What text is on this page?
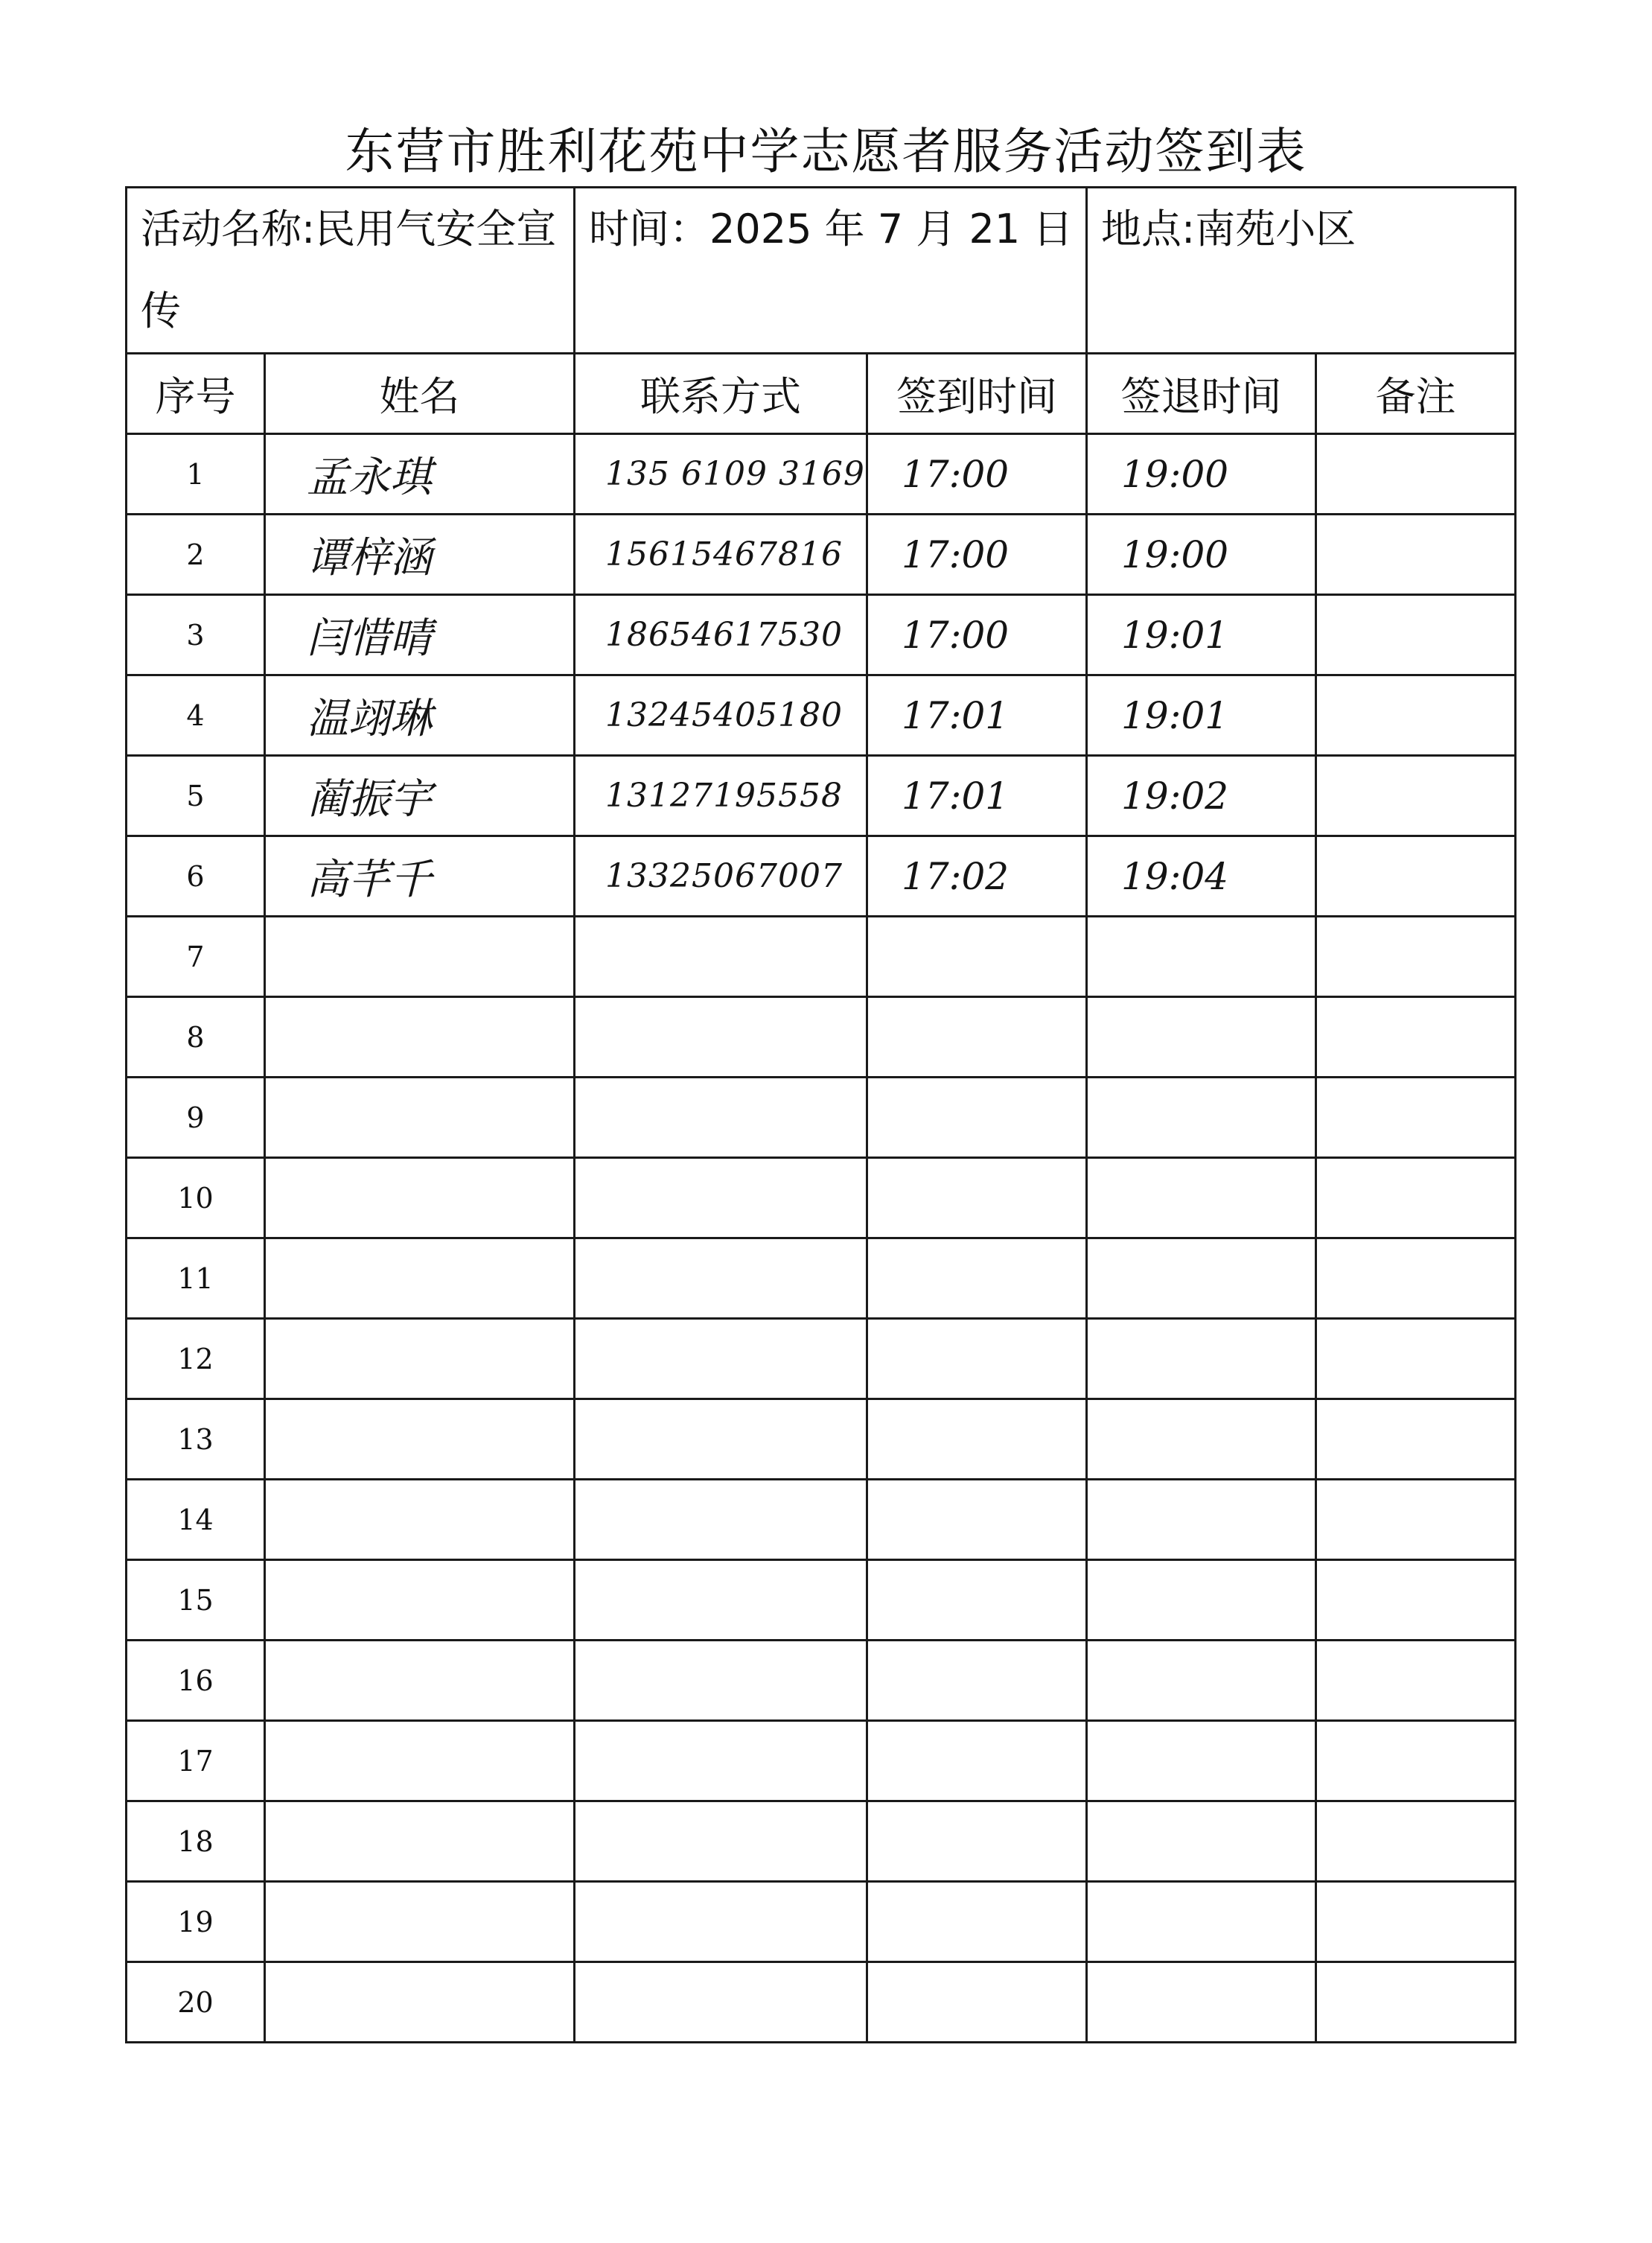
东营市胜利花苑中学志愿者服务活动签到表
活动名称:民用气安全宣传		时间：2025 年 7 月 21 日		地点:南苑小区	
序号	姓名	联系方式	签到时间	签退时间	备注
1	孟永琪	135 6109 3169	17:00	19:00	
2	谭梓涵	15615467816	17:00	19:00	
3	闫惜晴	18654617530	17:00	19:01	
4	温翊琳	13245405180	17:01	19:01	
5	蔺振宇	13127195558	17:01	19:02	
6	高芊千	13325067007	17:02	19:04	
7					
8					
9					
10					
11					
12					
13					
14					
15					
16					
17					
18					
19					
20					
